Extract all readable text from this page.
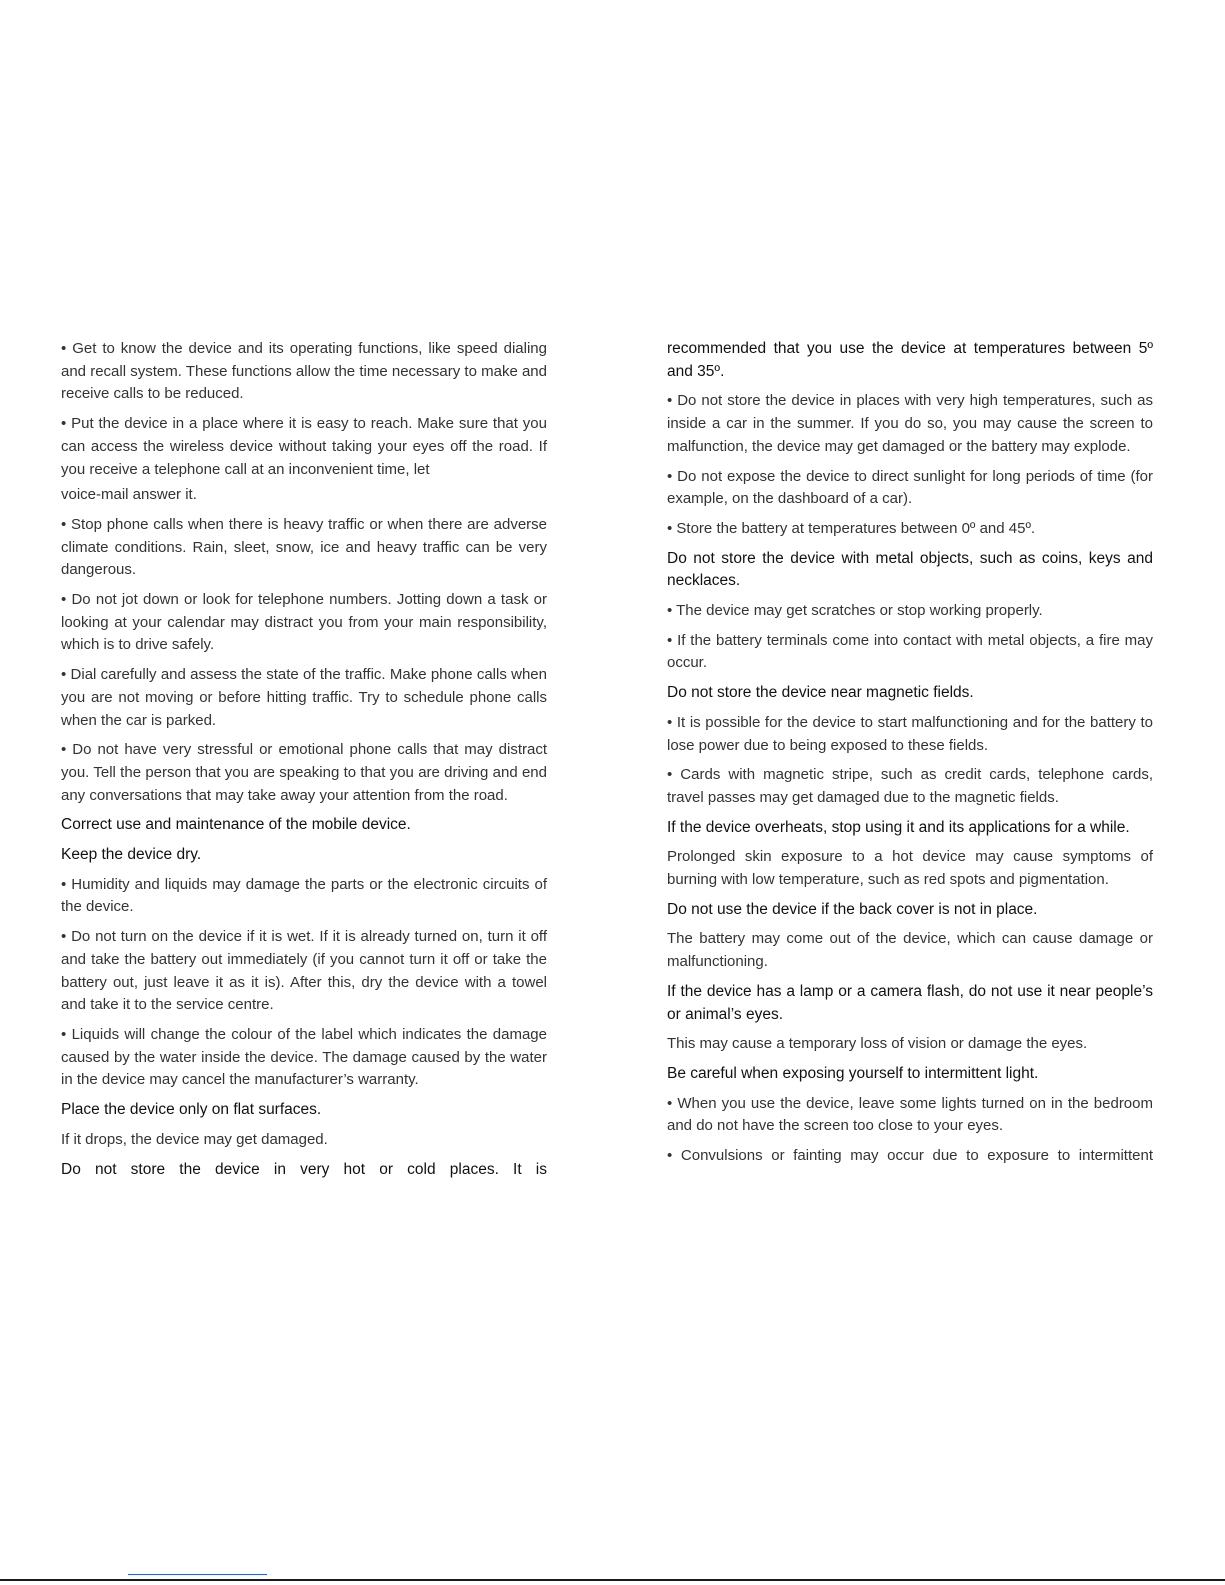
• Get to know the device and its operating functions, like speed dialing and recall system. These functions allow the time necessary to make and receive calls to be reduced.

• Put the device in a place where it is easy to reach. Make sure that you can access the wireless device without taking your eyes off the road. If you receive a telephone call at an inconvenient time, let

voice-mail answer it.

• Stop phone calls when there is heavy traffic or when there are adverse climate conditions. Rain, sleet, snow, ice and heavy traffic can be very dangerous.

• Do not jot down or look for telephone numbers. Jotting down a task or looking at your calendar may distract you from your main responsibility, which is to drive safely.

• Dial carefully and assess the state of the traffic. Make phone calls when you are not moving or before hitting traffic. Try to schedule phone calls when the car is parked.

• Do not have very stressful or emotional phone calls that may distract you. Tell the person that you are speaking to that you are driving and end any conversations that may take away your attention from the road.

Correct use and maintenance of the mobile device.
Keep the device dry.

• Humidity and liquids may damage the parts or the electronic circuits of the device.

• Do not turn on the device if it is wet. If it is already turned on, turn it off and take the battery out immediately (if you cannot turn it off or take the battery out, just leave it as it is). After this, dry the device with a towel and take it to the service centre.

• Liquids will change the colour of the label which indicates the damage caused by the water inside the device. The damage caused by the water in the device may cancel the manufacturer’s warranty.

Place the device only on flat surfaces.

If it drops, the device may get damaged.

Do not store the device in very hot or cold places. It is
recommended that you use the device at temperatures between 5º and 35º.

• Do not store the device in places with very high temperatures, such as inside a car in the summer. If you do so, you may cause the screen to malfunction, the device may get damaged or the battery may explode.

• Do not expose the device to direct sunlight for long periods of time (for example, on the dashboard of a car).

• Store the battery at temperatures between 0º and 45º.

Do not store the device with metal objects, such as coins, keys and necklaces.

• The device may get scratches or stop working properly.

• If the battery terminals come into contact with metal objects, a fire may occur.

Do not store the device near magnetic fields.

• It is possible for the device to start malfunctioning and for the battery to lose power due to being exposed to these fields.

• Cards with magnetic stripe, such as credit cards, telephone cards, travel passes may get damaged due to the magnetic fields.

If the device overheats, stop using it and its applications for a while.

Prolonged skin exposure to a hot device may cause symptoms of burning with low temperature, such as red spots and pigmentation.

Do not use the device if the back cover is not in place.

The battery may come out of the device, which can cause damage or malfunctioning.

If the device has a lamp or a camera flash, do not use it near people’s or animal’s eyes.

This may cause a temporary loss of vision or damage the eyes.

Be careful when exposing yourself to intermittent light.

• When you use the device, leave some lights turned on in the bedroom and do not have the screen too close to your eyes.

• Convulsions or fainting may occur due to exposure to intermittent
